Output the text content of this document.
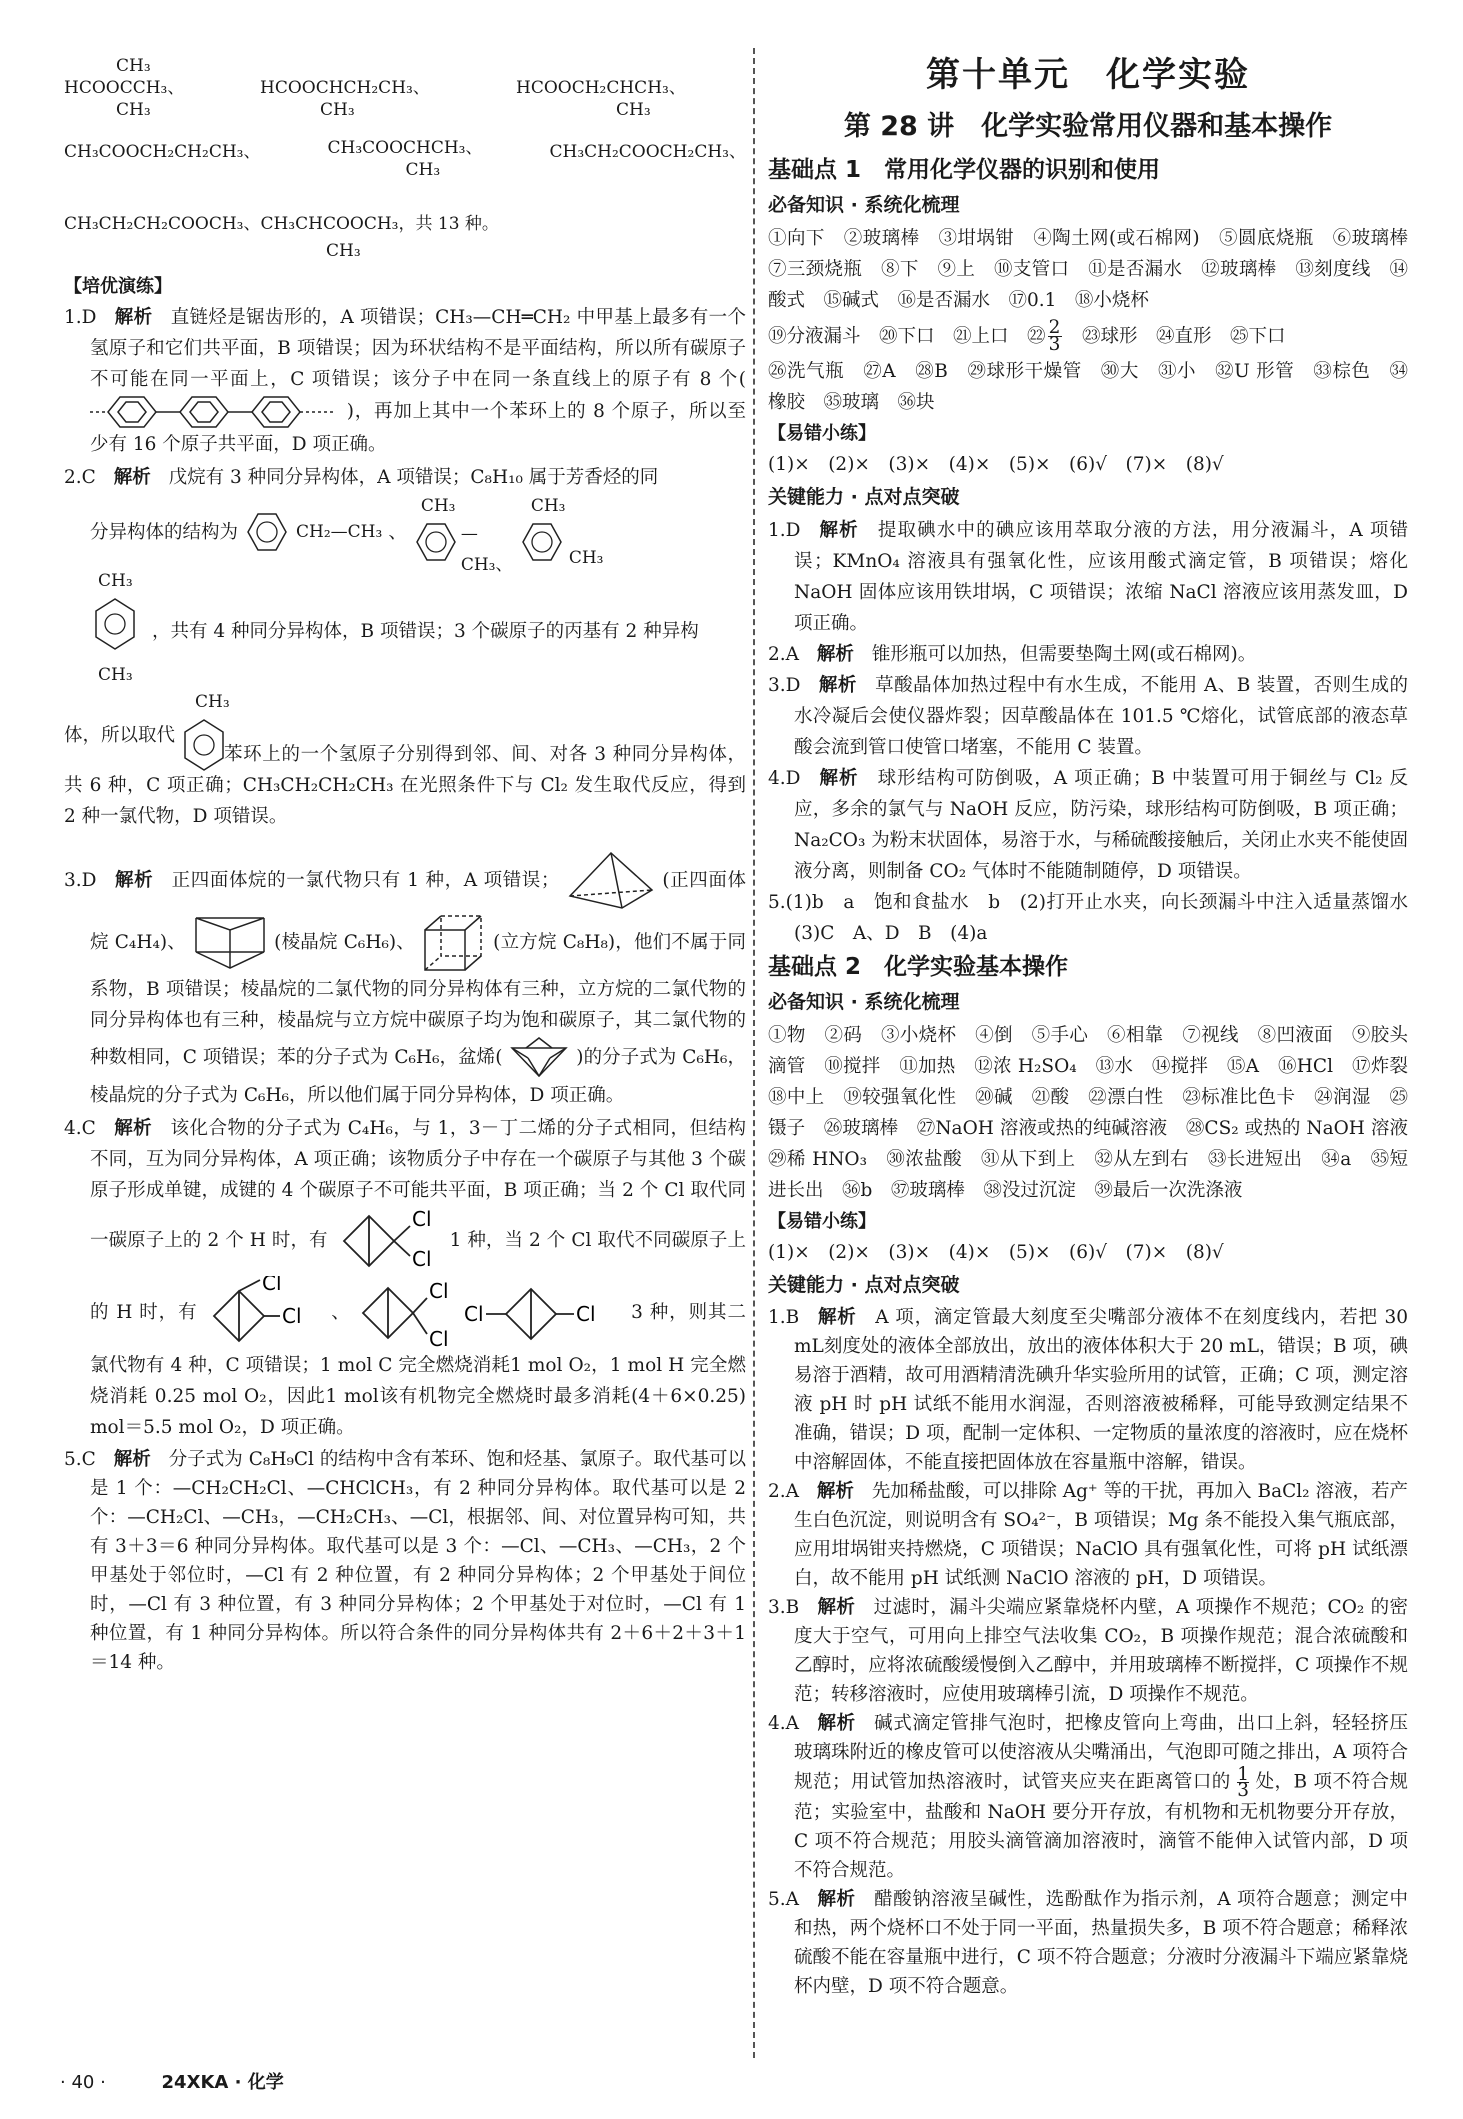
CH₃
HCOOCCH₃、
CH₃
HCOOCHCH₂CH₃、
CH₃
HCOOCH₂CHCH₃、
CH₃
CH₃COOCH₂CH₂CH₃、	CH₃COOCHCH₃、
CH₃
CH₃CH₂COOCH₂CH₃、
CH₃CH₂CH₂COOCH₃、CH₃CHCOOCH₃，共 13 种。
CH₃
【培优演练】
1.D 解析 直链烃是锯齿形的，A 项错误；CH₃—CH═CH₂ 中甲基上最多有一个氢原子和它们共平面，B 项错误；因为环状结构不是平面结构，所以所有碳原子不可能在同一平面上，C 项错误；该分子中在同一条直线上的原子有 8 个(  )，再加上其中一个苯环上的 8 个原子，所以至少有 16 个原子共平面，D 项正确。
2.C 解析 戊烷有 3 种同分异构体，A 项错误；C₈H₁₀ 属于芳香烃的同
分异构体的结构为	CH₂—CH₃ 、
CH₃
—CH₃、
CH₃
CH₃
CH₃
CH₃
，共有 4 种同分异构体，B 项错误；3 个碳原子的丙基有 2 种异构
体，所以取代
CH₃
苯环上的一个氢原子分别得到邻、间、对各 3 种同分异构体，共 6 种，C 项正确；CH₃CH₂CH₂CH₃ 在光照条件下与 Cl₂ 发生取代反应，得到 2 种一氯代物，D 项错误。
3.D 解析 正四面体烷的一氯代物只有 1 种，A 项错误；	(正四面体烷 C₄H₄)、	(棱晶烷 C₆H₆)、	(立方烷 C₈H₈)，他们不属于同系物，B 项错误；棱晶烷的二氯代物的同分异构体有三种，立方烷的二氯代物的同分异构体也有三种，棱晶烷与立方烷中碳原子均为饱和碳原子，其二氯代物的种数相同，C 项错误；苯的分子式为 C₆H₆，盆烯(	)的分子式为 C₆H₆，棱晶烷的分子式为 C₆H₆，所以他们属于同分异构体，D 项正确。
4.C 解析 该化合物的分子式为 C₄H₆，与 1，3－丁二烯的分子式相同，但结构不同，互为同分异构体，A 项正确；该物质分子中存在一个碳原子与其他 3 个碳原子形成单键，成键的 4 个碳原子不可能共平面，B 项正确；当 2 个 Cl 取代同一碳原子上的 2 个 H 时，有
Cl
Cl
1 种，当 2 个 Cl 取代不同碳原子上的 H 时，有
Cl
Cl 、
Cl
Cl

Cl	Cl 3 种，则其二氯代物有 4 种，C 项错误；1 mol C 完全燃烧消耗1 mol O₂，1 mol H 完全燃烧消耗 0.25 mol O₂，因此1 mol该有机物完全燃烧时最多消耗(4＋6×0.25) mol＝5.5 mol O₂，D 项正确。
5.C 解析 分子式为 C₈H₉Cl 的结构中含有苯环、饱和烃基、氯原子。取代基可以是 1 个：—CH₂CH₂Cl、—CHClCH₃，有 2 种同分异构体。取代基可以是 2 个：—CH₂Cl、—CH₃，—CH₂CH₃、—Cl，根据邻、间、对位置异构可知，共有 3＋3＝6 种同分异构体。取代基可以是 3 个：—Cl、—CH₃、—CH₃，2 个甲基处于邻位时，—Cl 有 2 种位置，有 2 种同分异构体；2 个甲基处于间位时，—Cl 有 3 种位置，有 3 种同分异构体；2 个甲基处于对位时，—Cl 有 1 种位置，有 1 种同分异构体。所以符合条件的同分异构体共有 2＋6＋2＋3＋1＝14 种。
第十单元　化学实验
第 28 讲　化学实验常用仪器和基本操作
基础点 1　常用化学仪器的识别和使用
必备知识 · 系统化梳理
①向下　②玻璃棒　③坩埚钳　④陶土网(或石棉网)　⑤圆底烧瓶　⑥玻璃棒　⑦三颈烧瓶　⑧下　⑨上　⑩支管口　⑪是否漏水　⑫玻璃棒　⑬刻度线　⑭酸式　⑮碱式　⑯是否漏水　⑰0.1　⑱小烧杯
⑲分液漏斗　⑳下口　㉑上口　㉒ 2
3 　㉓球形　㉔直形　㉕下口
㉖洗气瓶　㉗A　㉘B　㉙球形干燥管　㉚大　㉛小　㉜U 形管　㉝棕色　㉞橡胶　㉟玻璃　㊱块
【易错小练】
(1)×　(2)×　(3)×　(4)×　(5)×　(6)√　(7)×　(8)√
关键能力 · 点对点突破
1.D 解析 提取碘水中的碘应该用萃取分液的方法，用分液漏斗，A 项错误；KMnO₄ 溶液具有强氧化性，应该用酸式滴定管，B 项错误；熔化 NaOH 固体应该用铁坩埚，C 项错误；浓缩 NaCl 溶液应该用蒸发皿，D 项正确。
2.A 解析 锥形瓶可以加热，但需要垫陶土网(或石棉网)。
3.D 解析 草酸晶体加热过程中有水生成，不能用 A、B 装置，否则生成的水冷凝后会使仪器炸裂；因草酸晶体在 101.5 ℃熔化，试管底部的液态草酸会流到管口使管口堵塞，不能用 C 装置。
4.D 解析 球形结构可防倒吸，A 项正确；B 中装置可用于铜丝与 Cl₂ 反应，多余的氯气与 NaOH 反应，防污染，球形结构可防倒吸，B 项正确；Na₂CO₃ 为粉末状固体，易溶于水，与稀硫酸接触后，关闭止水夹不能使固液分离，则制备 CO₂ 气体时不能随制随停，D 项错误。
5.(1)b　a　饱和食盐水　b　(2)打开止水夹，向长颈漏斗中注入适量蒸馏水　(3)C　A、D　B　(4)a
基础点 2　化学实验基本操作
必备知识 · 系统化梳理
①物　②码　③小烧杯　④倒　⑤手心　⑥相靠　⑦视线　⑧凹液面　⑨胶头滴管　⑩搅拌　⑪加热　⑫浓 H₂SO₄　⑬水　⑭搅拌　⑮A　⑯HCl　⑰炸裂　⑱中上　⑲较强氧化性　⑳碱　㉑酸　㉒漂白性　㉓标准比色卡　㉔润湿　㉕镊子　㉖玻璃棒　㉗NaOH 溶液或热的纯碱溶液　㉘CS₂ 或热的 NaOH 溶液　㉙稀 HNO₃　㉚浓盐酸　㉛从下到上　㉜从左到右　㉝长进短出　㉞a　㉟短进长出　㊱b　㊲玻璃棒　㊳没过沉淀　㊴最后一次洗涤液
【易错小练】
(1)×　(2)×　(3)×　(4)×　(5)×　(6)√　(7)×　(8)√
关键能力 · 点对点突破
1.B 解析 A 项，滴定管最大刻度至尖嘴部分液体不在刻度线内，若把 30 mL刻度处的液体全部放出，放出的液体体积大于 20 mL，错误；B 项，碘易溶于酒精，故可用酒精清洗碘升华实验所用的试管，正确；C 项，测定溶液 pH 时 pH 试纸不能用水润湿，否则溶液被稀释，可能导致测定结果不准确，错误；D 项，配制一定体积、一定物质的量浓度的溶液时，应在烧杯中溶解固体，不能直接把固体放在容量瓶中溶解，错误。
2.A 解析 先加稀盐酸，可以排除 Ag⁺ 等的干扰，再加入 BaCl₂ 溶液，若产生白色沉淀，则说明含有 SO₄²⁻，B 项错误；Mg 条不能投入集气瓶底部，应用坩埚钳夹持燃烧，C 项错误；NaClO 具有强氧化性，可将 pH 试纸漂白，故不能用 pH 试纸测 NaClO 溶液的 pH，D 项错误。
3.B 解析 过滤时，漏斗尖端应紧靠烧杯内壁，A 项操作不规范；CO₂ 的密度大于空气，可用向上排空气法收集 CO₂，B 项操作规范；混合浓硫酸和乙醇时，应将浓硫酸缓慢倒入乙醇中，并用玻璃棒不断搅拌，C 项操作不规范；转移溶液时，应使用玻璃棒引流，D 项操作不规范。
4.A 解析 碱式滴定管排气泡时，把橡皮管向上弯曲，出口上斜，轻轻挤压玻璃珠附近的橡皮管可以使溶液从尖嘴涌出，气泡即可随之排出，A 项符合规范；用试管加热溶液时，试管夹应夹在距离管口的 $\frac{1}{3}$ 处，B 项不符合规范；实验室中，盐酸和 NaOH 要分开存放，有机物和无机物要分开存放，C 项不符合规范；用胶头滴管滴加溶液时，滴管不能伸入试管内部，D 项不符合规范。
5.A 解析 醋酸钠溶液呈碱性，选酚酞作为指示剂，A 项符合题意；测定中和热，两个烧杯口不处于同一平面，热量损失多，B 项不符合题意；稀释浓硫酸不能在容量瓶中进行，C 项不符合题意；分液时分液漏斗下端应紧靠烧杯内壁，D 项不符合题意。
· 40 ·	24XKA · 化学
